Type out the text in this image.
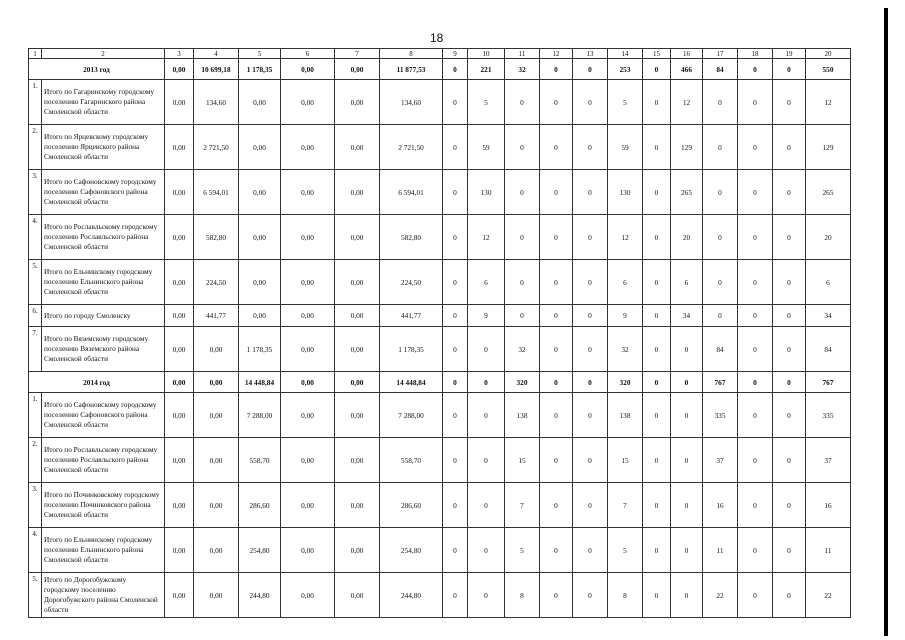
18
1	2	3	4	5	6	7	8	9	10	11	12	13	14	15	16	17	18	19	20
2013 год		0,00	10 699,18	1 178,35	0,00	0,00	11 877,53	0	221	32	0	0	253	0	466	84	0	0	550
1.	Итого по Гагаринскому городскому поселению Гагаринского района Смоленской области	0,00	134,60	0,00	0,00	0,00	134,60	0	5	0	0	0	5	0	12	0	0	0	12
2.	Итого по Ярцевскому городскому поселению Ярцевского района Смоленской области	0,00	2 721,50	0,00	0,00	0,00	2 721,50	0	59	0	0	0	59	0	129	0	0	0	129
3.	Итого по Сафоновскому городскому поселению Сафоновского района Смоленской области	0,00	6 594,01	0,00	0,00	0,00	6 594,01	0	130	0	0	0	130	0	265	0	0	0	265
4.	Итого по Рославльскому городскому поселению Рославльского района Смоленской области	0,00	582,80	0,00	0,00	0,00	582,80	0	12	0	0	0	12	0	20	0	0	0	20
5.	Итого по Ельнинскому городскому поселению Ельнинского района Смоленской области	0,00	224,50	0,00	0,00	0,00	224,50	0	6	0	0	0	6	0	6	0	0	0	6
6.	Итого по городу Смоленску	0,00	441,77	0,00	0,00	0,00	441,77	0	9	0	0	0	9	0	34	0	0	0	34
7.	Итого по Вяземскому городскому поселению Вяземского района Смоленской области	0,00	0,00	1 178,35	0,00	0,00	1 178,35	0	0	32	0	0	32	0	0	84	0	0	84
2014 год		0,00	0,00	14 448,84	0,00	0,00	14 448,84	0	0	320	0	0	320	0	0	767	0	0	767
1.	Итого по Сафоновскому городскому поселению Сафоновского района Смоленской области	0,00	0,00	7 288,00	0,00	0,00	7 288,00	0	0	138	0	0	138	0	0	335	0	0	335
2.	Итого по Рославльскому городскому поселению Рославльского района Смоленской области	0,00	0,00	558,70	0,00	0,00	558,70	0	0	15	0	0	15	0	0	37	0	0	37
3.	Итого по Починковскому городскому поселению Починковского района Смоленской области	0,00	0,00	286,60	0,00	0,00	286,60	0	0	7	0	0	7	0	0	16	0	0	16
4.	Итого по Ельнинскому городскому поселению Ельнинского района Смоленской области	0,00	0,00	254,80	0,00	0,00	254,80	0	0	5	0	0	5	0	0	11	0	0	11
5.	Итого по Дорогобужскому городскому поселению Дорогобужского района Смоленской области	0,00	0,00	244,80	0,00	0,00	244,80	0	0	8	0	0	8	0	0	22	0	0	22
